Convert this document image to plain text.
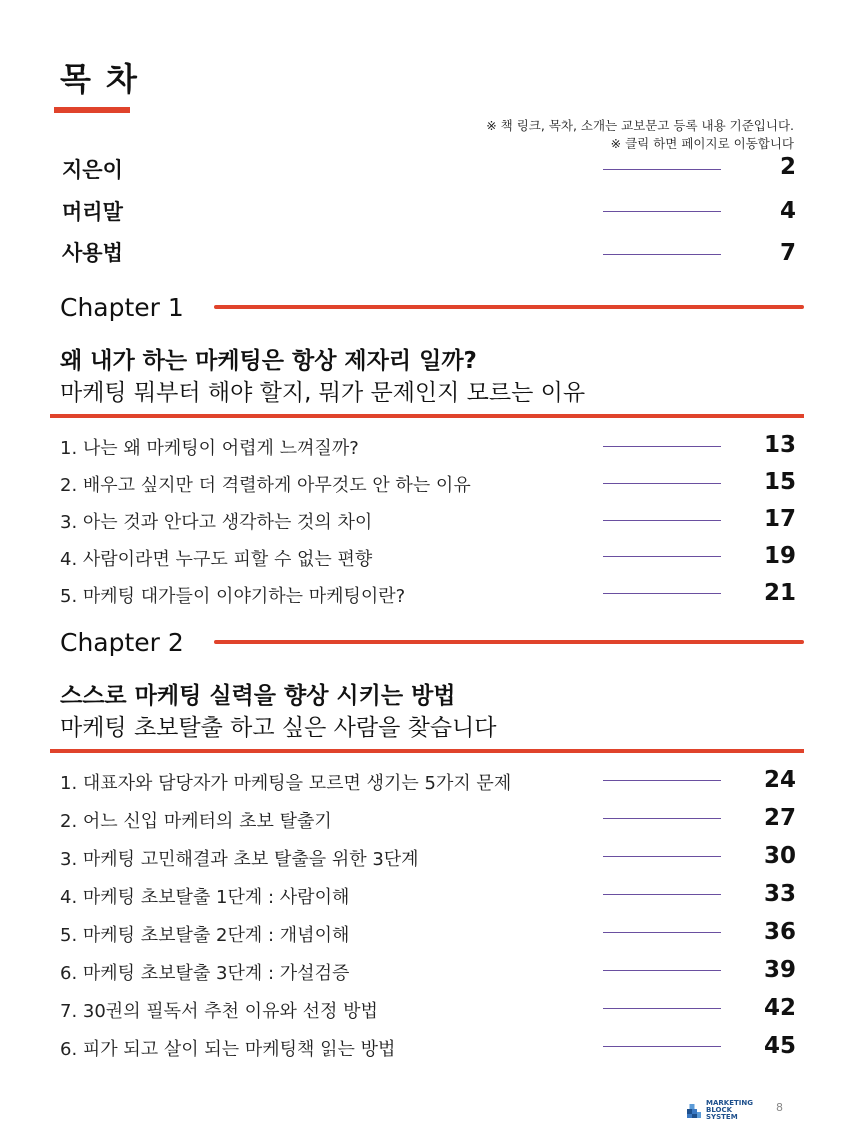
목 차
※ 책 링크, 목차, 소개는 교보문고 등록 내용 기준입니다.
※ 클릭 하면 페이지로 이동합니다
지은이	2
머리말	4
사용법	7
Chapter 1
왜 내가 하는 마케팅은 항상 제자리 일까?
마케팅 뭐부터 해야 할지, 뭐가 문제인지 모르는 이유
1. 나는 왜 마케팅이 어렵게 느껴질까?	13
2. 배우고 싶지만 더 격렬하게 아무것도 안 하는 이유	15
3. 아는 것과 안다고 생각하는 것의 차이	17
4. 사람이라면 누구도 피할 수 없는 편향	19
5. 마케팅 대가들이 이야기하는 마케팅이란?	21
Chapter 2
스스로 마케팅 실력을 향상 시키는 방법
마케팅 초보탈출 하고 싶은 사람을 찾습니다
1. 대표자와 담당자가 마케팅을 모르면 생기는 5가지 문제	24
2. 어느 신입 마케터의 초보 탈출기	27
3. 마케팅 고민해결과 초보 탈출을 위한 3단계	30
4. 마케팅 초보탈출 1단계 : 사람이해	33
5. 마케팅 초보탈출 2단계 : 개념이해	36
6. 마케팅 초보탈출 3단계 : 가설검증	39
7. 30권의 필독서 추천 이유와 선정 방법	42
6. 피가 되고 살이 되는 마케팅책 읽는 방법	45
MARKETING
BLOCK
SYSTEM
8
